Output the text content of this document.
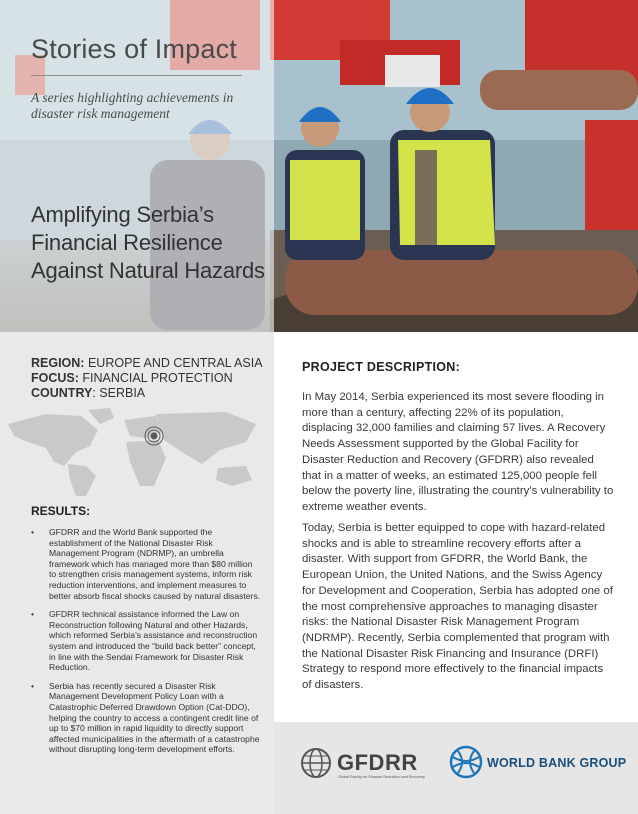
Stories of Impact
A series highlighting achievements in disaster risk management
Amplifying Serbia’s Financial Resilience Against Natural Hazards
REGION: EUROPE AND CENTRAL ASIA
FOCUS: FINANCIAL PROTECTION
COUNTRY: SERBIA
RESULTS:
• GFDRR and the World Bank supported the establishment of the National Disaster Risk Management Program (NDRMP), an umbrella framework which has managed more than $80 million to strengthen crisis management systems, inform risk reduction interventions, and implement measures to better absorb fiscal shocks caused by natural disasters.
• GFDRR technical assistance informed the Law on Reconstruction following Natural and other Hazards, which reformed Serbia’s assistance and reconstruction system and introduced the “build back better” concept, in line with the Sendai Framework for Disaster Risk Reduction.
• Serbia has recently secured a Disaster Risk Management Development Policy Loan with a Catastrophic Deferred Drawdown Option (Cat-DDO), helping the country to access a contingent credit line of up to $70 million in rapid liquidity to directly support affected municipalities in the aftermath of a catastrophe without disrupting long-term development efforts.
PROJECT DESCRIPTION:
In May 2014, Serbia experienced its most severe flooding in more than a century, affecting 22% of its population, displacing 32,000 families and claiming 57 lives. A Recovery Needs Assessment supported by the Global Facility for Disaster Reduction and Recovery (GFDRR) also revealed that in a matter of weeks, an estimated 125,000 people fell below the poverty line, illustrating the country’s vulnerability to extreme weather events.
Today, Serbia is better equipped to cope with hazard-related shocks and is able to streamline recovery efforts after a disaster. With support from GFDRR, the World Bank, the European Union, the United Nations, and the Swiss Agency for Development and Cooperation, Serbia has adopted one of the most comprehensive approaches to managing disaster risks: the National Disaster Risk Management Program (NDRMP). Recently, Serbia complemented that program with the National Disaster Risk Financing and Insurance (DRFI) Strategy to respond more effectively to the financial impacts of disasters.
GFDRR
Global Facility for Disaster Reduction and Recovery
WORLD BANK GROUP
